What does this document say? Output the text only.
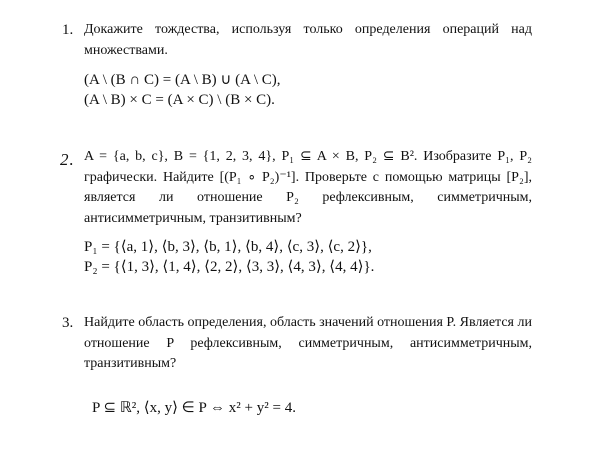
1. Докажите тождества, используя только определения операций над множествами.
(A \ (B ∩ C) = (A \ B) ∪ (A \ C),
(A \ B) × C = (A × C) \ (B × C).
2. A = {a, b, c}, B = {1, 2, 3, 4}, P₁ ⊆ A × B, P₂ ⊆ B². Изобразите P₁, P₂ графически. Найдите [(P₁ ∘ P₂)⁻¹]. Проверьте с помощью матрицы [P₂], является ли отношение P₂ рефлексивным, симметричным, антисимметричным, транзитивным?
P₁ = {⟨a, 1⟩, ⟨b, 3⟩, ⟨b, 1⟩, ⟨b, 4⟩, ⟨c, 3⟩, ⟨c, 2⟩},
P₂ = {⟨1, 3⟩, ⟨1, 4⟩, ⟨2, 2⟩, ⟨3, 3⟩, ⟨4, 3⟩, ⟨4, 4⟩}.
3. Найдите область определения, область значений отношения P. Является ли отношение P рефлексивным, симметричным, антисимметричным, транзитивным?
P ⊆ ℝ², ⟨x, y⟩ ∈ P ⇔ x² + y² = 4.
